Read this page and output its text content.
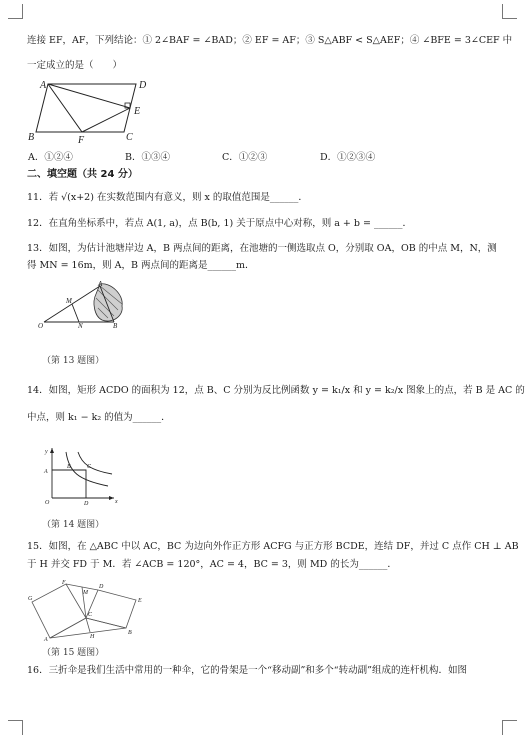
连接 EF，AF，下列结论：① 2∠BAF = ∠BAD；② EF = AF；③ S△ABF < S△AEF；④ ∠BFE = 3∠CEF 中
一定成立的是（　　）
A	D
E
B	C
F
A．①②④	B．①③④	C．①②③	D．①②③④
二、填空题（共 24 分）
11．若 √(x+2) 在实数范围内有意义，则 x 的取值范围是______．
12．在直角坐标系中，若点 A(1, a)，点 B(b, 1) 关于原点中心对称，则 a + b = ______．
13．如图，为估计池塘岸边 A，B 两点间的距离，在池塘的一侧选取点 O，分别取 OA，OB 的中点 M，N，测
得 MN = 16m，则 A，B 两点间的距离是______m．
O
M
N
A
B
（第 13 题图）
14．如图，矩形 ACDO 的面积为 12，点 B、C 分别为反比例函数 y = k₁/x 和 y = k₂/x 图象上的点，若 B 是 AC 的
中点，则 k₁ − k₂ 的值为______．
y
A
B	C
O	D	x
（第 14 题图）
15．如图，在 △ABC 中以 AC，BC 为边向外作正方形 ACFG 与正方形 BCDE，连结 DF，并过 C 点作 CH ⊥ AB
于 H 并交 FD 于 M．若 ∠ACB = 120°，AC = 4，BC = 3，则 MD 的长为______．
A
B
C
D
E
F
G
H
M
（第 15 题图）
16．三折伞是我们生活中常用的一种伞，它的骨架是一个“移动副”和多个“转动副”组成的连杆机构．如图
